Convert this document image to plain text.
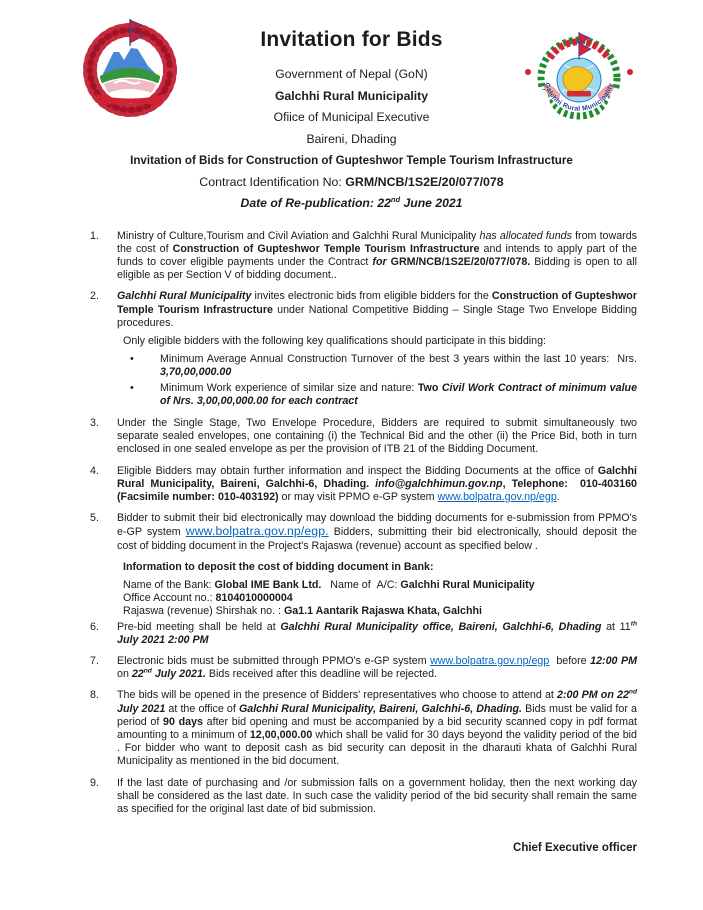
Galchhi Rural Municipality
Invitation for Bids
Government of Nepal (GoN)
Galchhi Rural Municipality
Ofiice of Municipal Executive
Baireni, Dhading
Invitation of Bids for Construction of Gupteshwor Temple Tourism Infrastructure
Contract Identification No: GRM/NCB/1S2E/20/077/078
Date of Re-publication: 22nd June 2021
1.	Ministry of Culture,Tourism and Civil Aviation and Galchhi Rural Municipality has allocated funds from towards the cost of Construction of Gupteshwor Temple Tourism Infrastructure and intends to apply part of the funds to cover eligible payments under the Contract for GRM/NCB/1S2E/20/077/078. Bidding is open to all eligible as per Section V of bidding document..
2.	Galchhi Rural Municipality invites electronic bids from eligible bidders for the Construction of Gupteshwor Temple Tourism Infrastructure under National Competitive Bidding – Single Stage Two Envelope Bidding procedures.
Only eligible bidders with the following key qualifications should participate in this bidding:
•	Minimum Average Annual Construction Turnover of the best 3 years within the last 10 years:  Nrs. 3,70,00,000.00
•	Minimum Work experience of similar size and nature: Two Civil Work Contract of minimum value of Nrs. 3,00,00,000.00 for each contract
3.	Under the Single Stage, Two Envelope Procedure, Bidders are required to submit simultaneously two separate sealed envelopes, one containing (i) the Technical Bid and the other (ii) the Price Bid, both in turn enclosed in one sealed envelope as per the provision of ITB 21 of the Bidding Document.
4.	Eligible Bidders may obtain further information and inspect the Bidding Documents at the office of Galchhi Rural Municipality, Baireni, Galchhi-6, Dhading. info@galchhimun.gov.np, Telephone:  010-403160 (Facsimile number: 010-403192) or may visit PPMO e-GP system www.bolpatra.gov.np/egp.
5.	Bidder to submit their bid electronically may download the bidding documents for e-submission from PPMO's e-GP system www.bolpatra.gov.np/egp. Bidders, submitting their bid electronically, should deposit the cost of bidding document in the Project's Rajaswa (revenue) account as specified below .
Information to deposit the cost of bidding document in Bank:
Name of the Bank: Global IME Bank Ltd.   Name of  A/C: Galchhi Rural Municipality
Office Account no.: 8104010000004
Rajaswa (revenue) Shirshak no. : Ga1.1 Aantarik Rajaswa Khata, Galchhi
6.	Pre-bid meeting shall be held at Galchhi Rural Municipality office, Baireni, Galchhi-6, Dhading at 11th July 2021 2:00 PM
7.	Electronic bids must be submitted through PPMO's e-GP system www.bolpatra.gov.np/egp  before 12:00 PM on 22nd July 2021. Bids received after this deadline will be rejected.
8.	The bids will be opened in the presence of Bidders' representatives who choose to attend at 2:00 PM on 22nd July 2021 at the office of Galchhi Rural Municipality, Baireni, Galchhi-6, Dhading. Bids must be valid for a period of 90 days after bid opening and must be accompanied by a bid security scanned copy in pdf format amounting to a minimum of 12,00,000.00 which shall be valid for 30 days beyond the validity period of the bid . For bidder who want to deposit cash as bid security can deposit in the dharauti khata of Galchhi Rural Municipality as mentioned in the bid document.
9.	If the last date of purchasing and /or submission falls on a government holiday, then the next working day shall be considered as the last date. In such case the validity period of the bid security shall remain the same as specified for the original last date of bid submission.
Chief Executive officer
